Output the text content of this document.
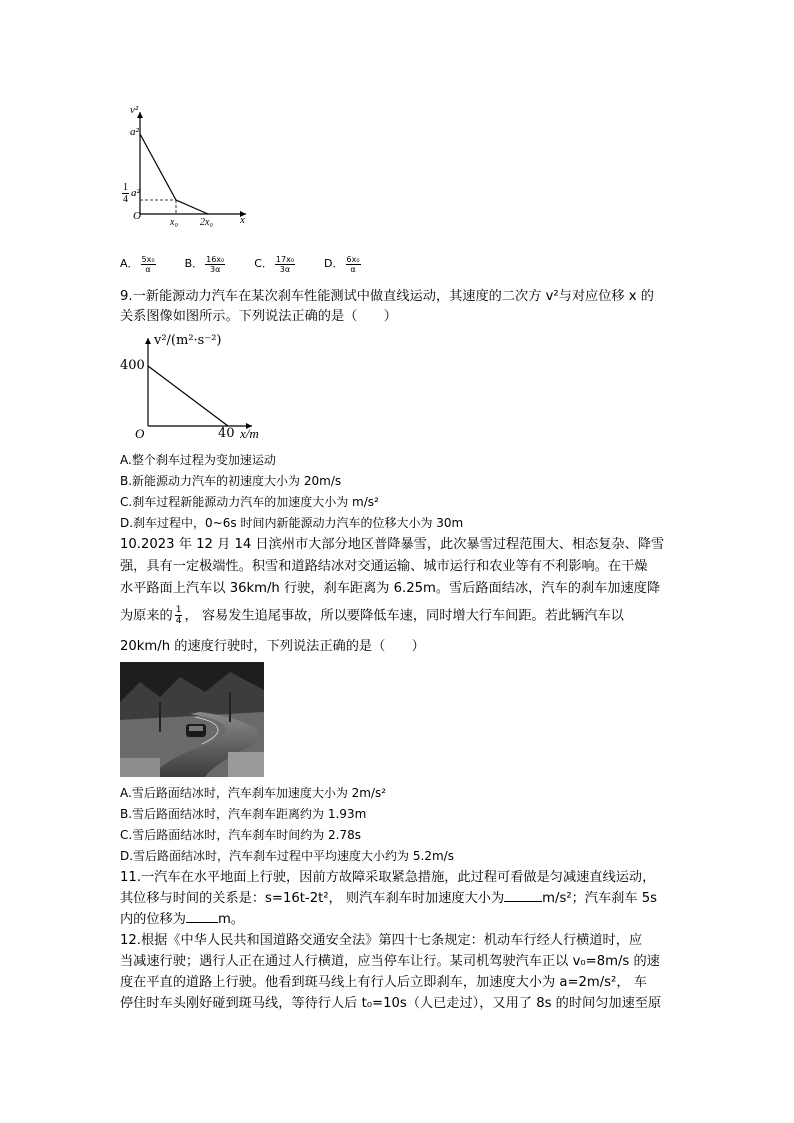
v²
a²
$\frac{1}{4} a^2$
O
x₀ 2x₀ x
A． $\frac{\text{5x₀}}{\alpha}$	B． $\frac{\text{16x₀}}{3\alpha}$	C． $\frac{\text{17x₀}}{3\alpha}$	D． $\frac{\text{6x₀}}{\alpha}$
9.一新能源动力汽车在某次刹车性能测试中做直线运动，其速度的二次方 v²与对应位移 x 的
关系图像如图所示。下列说法正确的是（　　）
v²/(m²·s⁻²)
400
O	40 x/m
A.整个刹车过程为变加速运动
B.新能源动力汽车的初速度大小为 20m/s
C.刹车过程新能源动力汽车的加速度大小为 m/s²
D.刹车过程中，0~6s 时间内新能源动力汽车的位移大小为 30m
10.2023 年 12 月 14 日滨州市大部分地区普降暴雪，此次暴雪过程范围大、相态复杂、降雪
强，具有一定极端性。积雪和道路结冰对交通运输、城市运行和农业等有不利影响。在干燥
水平路面上汽车以 36km/h 行驶，刹车距离为 6.25m。雪后路面结冰，汽车的刹车加速度降
为原来的 $\frac{1}{4}$ ， 容易发生追尾事故，所以要降低车速，同时增大行车间距。若此辆汽车以
20km/h 的速度行驶时，下列说法正确的是（　　）
A.雪后路面结冰时，汽车刹车加速度大小为 2m/s²
B.雪后路面结冰时，汽车刹车距离约为 1.93m
C.雪后路面结冰时，汽车刹车时间约为 2.78s
D.雪后路面结冰时，汽车刹车过程中平均速度大小约为 5.2m/s
11.一汽车在水平地面上行驶，因前方故障采取紧急措施，此过程可看做是匀减速直线运动，
其位移与时间的关系是：s=16t-2t²， 则汽车刹车时加速度大小为	m/s²；汽车刹车 5s
内的位移为 m。
12.根据《中华人民共和国道路交通安全法》第四十七条规定：机动车行经人行横道时，应
当减速行驶；遇行人正在通过人行横道，应当停车让行。某司机驾驶汽车正以 v₀=8m/s 的速
度在平直的道路上行驶。他看到斑马线上有行人后立即刹车，加速度大小为 a=2m/s²， 车
停住时车头刚好碰到斑马线，等待行人后 t₀=10s（人已走过），又用了 8s 的时间匀加速至原
